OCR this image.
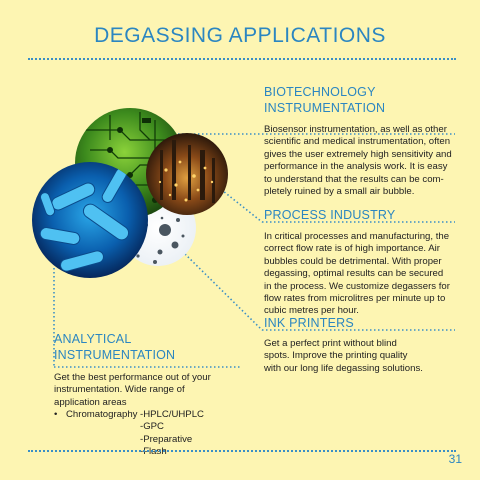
DEGASSING APPLICATIONS
BIOTECHNOLOGY
INSTRUMENTATION
Biosensor instrumentation, as well as other
scientific and medical instrumentation, often
gives the user extremely high sensitivity and
performance in the analysis work. It is easy
to understand that the results can be com-
pletely ruined by a small air bubble.
PROCESS INDUSTRY
In critical processes and manufacturing, the
correct flow rate is of high importance. Air
bubbles could be detrimental. With proper
degassing, optimal results can be secured
in the process. We customize degassers for
flow rates from microlitres per minute up to
cubic metres per hour.
INK PRINTERS
Get a perfect print without blind
spots. Improve the printing quality
with our long life degassing solutions.
ANALYTICAL
INSTRUMENTATION
Get the best performance out of your
instrumentation. Wide range of
application areas
• Chromatography -HPLC/UHPLC
-GPC
-Preparative
-Flash
31
